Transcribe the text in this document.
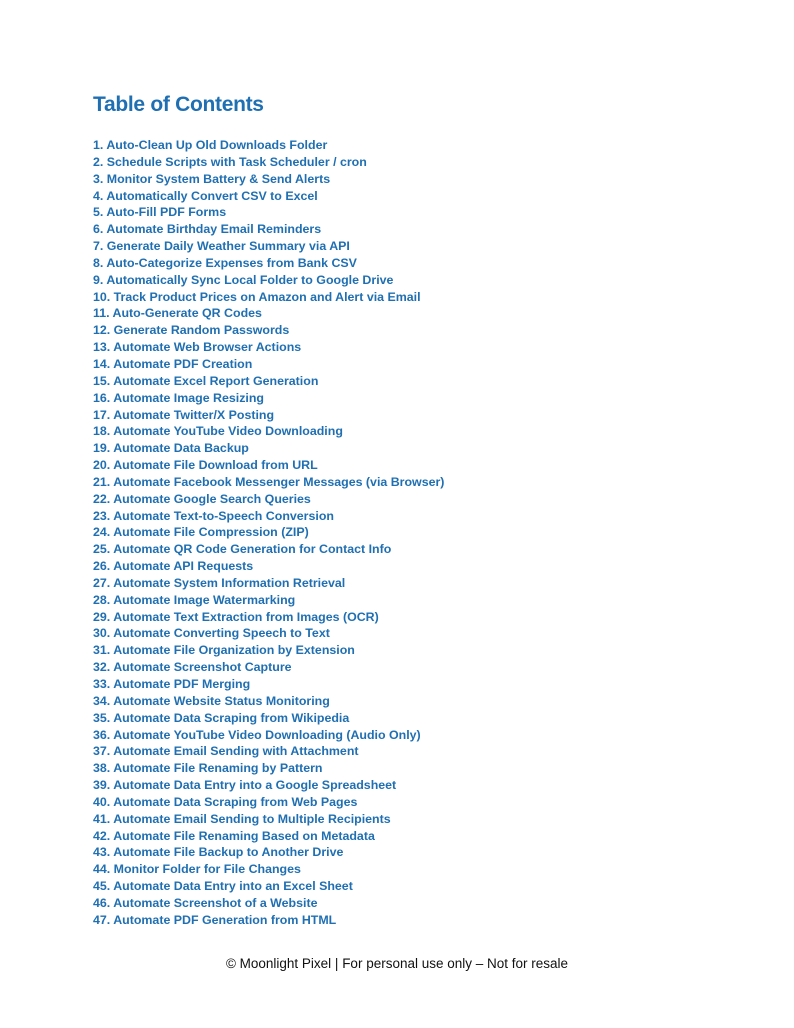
Table of Contents
1. Auto-Clean Up Old Downloads Folder
2. Schedule Scripts with Task Scheduler / cron
3. Monitor System Battery & Send Alerts
4. Automatically Convert CSV to Excel
5. Auto-Fill PDF Forms
6. Automate Birthday Email Reminders
7. Generate Daily Weather Summary via API
8. Auto-Categorize Expenses from Bank CSV
9. Automatically Sync Local Folder to Google Drive
10. Track Product Prices on Amazon and Alert via Email
11. Auto-Generate QR Codes
12. Generate Random Passwords
13. Automate Web Browser Actions
14. Automate PDF Creation
15. Automate Excel Report Generation
16. Automate Image Resizing
17. Automate Twitter/X Posting
18. Automate YouTube Video Downloading
19. Automate Data Backup
20. Automate File Download from URL
21. Automate Facebook Messenger Messages (via Browser)
22. Automate Google Search Queries
23. Automate Text-to-Speech Conversion
24. Automate File Compression (ZIP)
25. Automate QR Code Generation for Contact Info
26. Automate API Requests
27. Automate System Information Retrieval
28. Automate Image Watermarking
29. Automate Text Extraction from Images (OCR)
30. Automate Converting Speech to Text
31. Automate File Organization by Extension
32. Automate Screenshot Capture
33. Automate PDF Merging
34. Automate Website Status Monitoring
35. Automate Data Scraping from Wikipedia
36. Automate YouTube Video Downloading (Audio Only)
37. Automate Email Sending with Attachment
38. Automate File Renaming by Pattern
39. Automate Data Entry into a Google Spreadsheet
40. Automate Data Scraping from Web Pages
41. Automate Email Sending to Multiple Recipients
42. Automate File Renaming Based on Metadata
43. Automate File Backup to Another Drive
44. Monitor Folder for File Changes
45. Automate Data Entry into an Excel Sheet
46. Automate Screenshot of a Website
47. Automate PDF Generation from HTML
© Moonlight Pixel | For personal use only – Not for resale
